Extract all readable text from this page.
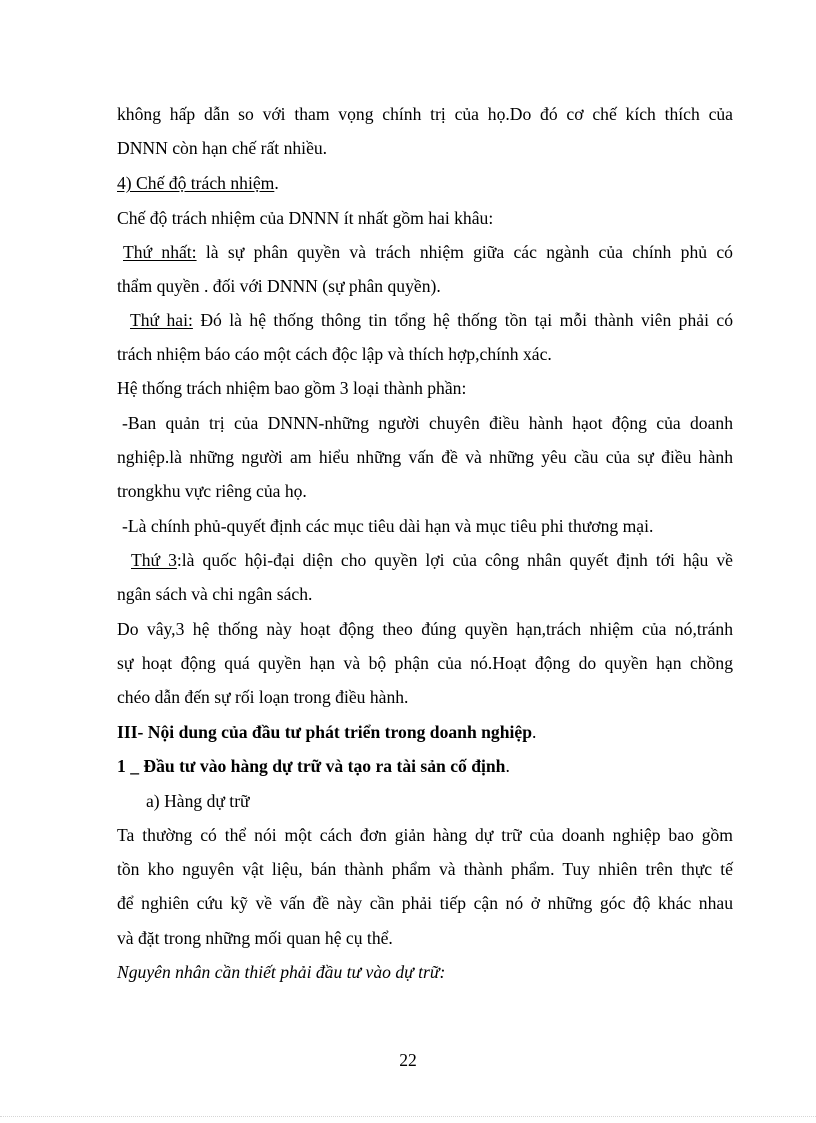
không hấp dẫn so với tham vọng chính trị của họ.Do đó cơ chế kích thích của
DNNN còn hạn chế rất nhiều.
4) Chế độ trách nhiệm.
Chế độ trách nhiệm của DNNN ít nhất gồm hai khâu:
Thứ nhất: là sự phân quyền và trách nhiệm giữa các ngành của chính phủ có
thẩm quyền . đối với DNNN (sự phân quyền).
Thứ hai: Đó là hệ thống thông tin tổng hệ thống tồn tại mỗi thành viên phải có
trách nhiệm báo cáo một cách độc lập và thích hợp,chính xác.
Hệ thống trách nhiệm bao gồm 3 loại thành phần:
-Ban quản trị của DNNN-những người chuyên điều hành hạot động của doanh
nghiệp.là những người am hiểu những vấn đề và những yêu cầu của sự điều hành
trongkhu vực riêng của họ.
-Là chính phủ-quyết định các mục tiêu dài hạn và mục tiêu phi thương mại.
Thứ 3:là quốc hội-đại diện cho quyền lợi của công nhân quyết định tới hậu về
ngân sách và chi ngân sách.
Do vây,3 hệ thống này hoạt động theo đúng quyền hạn,trách nhiệm của nó,tránh
sự hoạt động quá quyền hạn và bộ phận của nó.Hoạt động do quyền hạn chồng
chéo dẫn đến sự rối loạn trong điều hành.
III- Nội dung của đầu tư phát triển trong doanh nghiệp.
1 _ Đầu tư vào hàng dự trữ và tạo ra tài sản cố định.
a) Hàng dự trữ
Ta thường có thể nói một cách đơn giản hàng dự trữ của doanh nghiệp bao gồm
tồn kho nguyên vật liệu, bán thành phẩm và thành phẩm. Tuy nhiên trên thực tế
để nghiên cứu kỹ về vấn đề này cần phải tiếp cận nó ở những góc độ khác nhau
và đặt trong những mối quan hệ cụ thể.
Nguyên nhân cần thiết phải đầu tư vào dự trữ:
22
